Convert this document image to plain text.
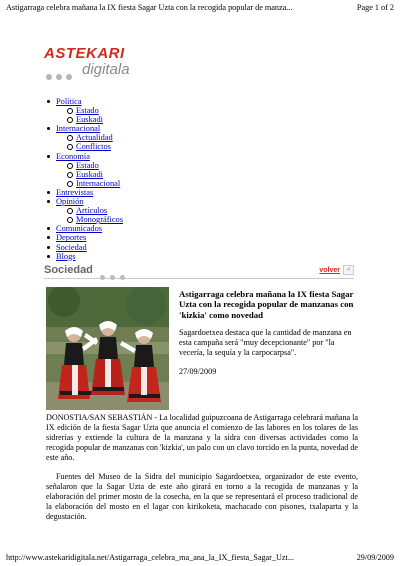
Astigarraga celebra mañana la IX fiesta Sagar Uzta con la recogida popular de manza...	Page 1 of 2
ASTEKARI
digitala
Política
Estado
Euskadi
Internacional
Actualidad
Conflictos
Economía
Estado
Euskadi
Internacional
Entrevistas
Opinión
Artículos
Monográficos
Comunicados
Deportes
Sociedad
Blogs
Sociedad	volver ↵
Astigarraga celebra mañana la IX fiesta Sagar Uzta con la recogida popular de manzanas con 'kizkia' como novedad
Sagardoetxea destaca que la cantidad de manzana en esta campaña será "muy decepcionante" por "la vecería, la sequía y la carpocarpsa".
27/09/2009

DONOSTIA/SAN SEBASTIÁN - La localidad guipuzcoana de Astigarraga celebrará mañana la IX edición de la fiesta Sagar Uzta que anuncia el comienzo de las labores en los tolares de las sidrerías y extiende la cultura de la manzana y la sidra con diversas actividades como la recogida popular de manzanas con 'kizkia', un palo con un clavo torcido en la punta, novedad de este año.

Fuentes del Museo de la Sidra del municipio Sagardoetxea, organizador de este evento, señalaron que la Sagar Uzta de este año girará en torno a la recogida de manzanas y la elaboración del primer mosto de la cosecha, en la que se representará el proceso tradicional de la elaboración del mosto en el lagar con kirikoketa, machacado con pisones, txalaparta y la degustación.

http://www.astekaridigitala.net/Astigarraga_celebra_ma_ana_la_IX_fiesta_Sagar_Uzt...	29/09/2009
